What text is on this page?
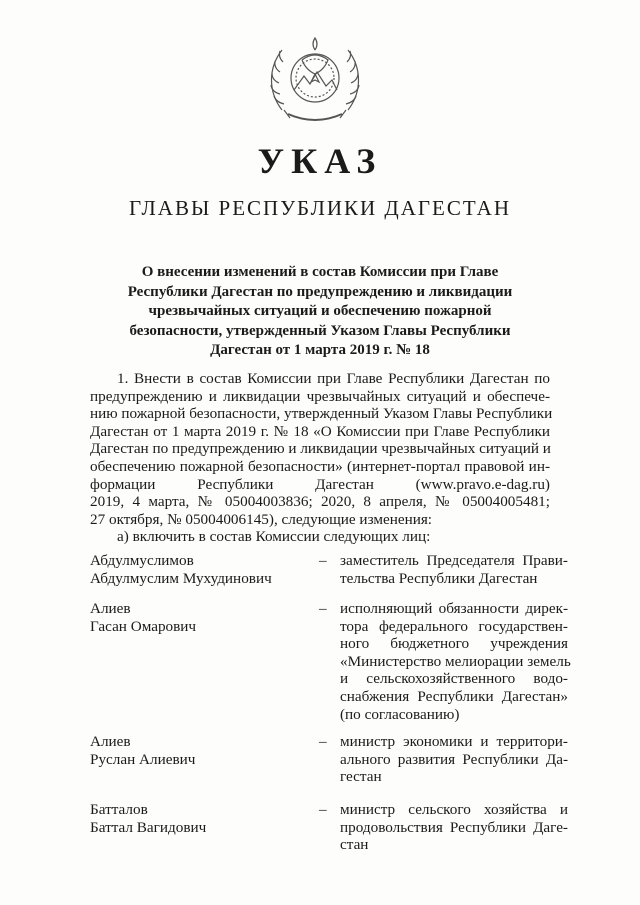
УКАЗ
ГЛАВЫ РЕСПУБЛИКИ ДАГЕСТАН
О внесении изменений в состав Комиссии при Главе
Республики Дагестан по предупреждению и ликвидации
чрезвычайных ситуаций и обеспечению пожарной
безопасности, утвержденный Указом Главы Республики
Дагестан от 1 марта 2019 г. № 18
1. Внести в состав Комиссии при Главе Республики Дагестан по
предупреждению и ликвидации чрезвычайных ситуаций и обеспече-
нию пожарной безопасности, утвержденный Указом Главы Республики
Дагестан от 1 марта 2019 г. № 18 «О Комиссии при Главе Республики
Дагестан по предупреждению и ликвидации чрезвычайных ситуаций и
обеспечению пожарной безопасности» (интернет-портал правовой ин-
формации Республики Дагестан (www.pravo.e-dag.ru)
2019, 4 марта, № 05004003836; 2020, 8 апреля, № 05004005481;
27 октября, № 05004006145), следующие изменения:
а) включить в состав Комиссии следующих лиц:
Абдулмуслимов
Абдулмуслим Мухудинович
– заместитель Председателя Прави-
тельства Республики Дагестан
Алиев
Гасан Омарович
– исполняющий обязанности дирек-
тора федерального государствен-
ного бюджетного учреждения
«Министерство мелиорации земель
и сельскохозяйственного водо-
снабжения Республики Дагестан»
(по согласованию)
Алиев
Руслан Алиевич
– министр экономики и территори-
ального развития Республики Да-
гестан
Батталов
Баттал Вагидович
– министр сельского хозяйства и
продовольствия Республики Даге-
стан
